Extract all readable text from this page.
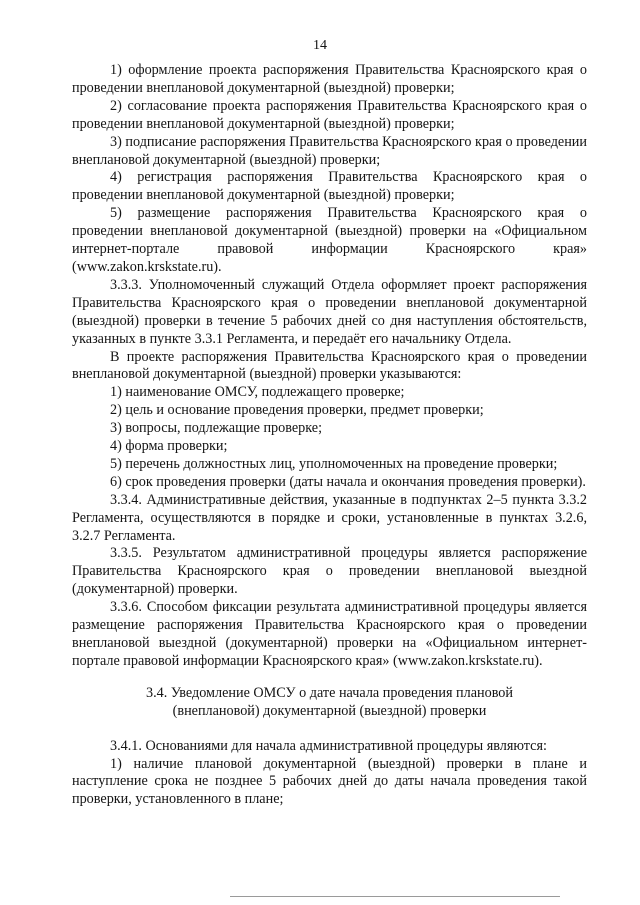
14

1) оформление проекта распоряжения Правительства Красноярского края о проведении внеплановой документарной (выездной) проверки;

2) согласование проекта распоряжения Правительства Красноярского края о проведении внеплановой документарной (выездной) проверки;

3) подписание распоряжения Правительства Красноярского края о проведении внеплановой документарной (выездной) проверки;

4) регистрация распоряжения Правительства Красноярского края о проведении внеплановой документарной (выездной) проверки;

5) размещение распоряжения Правительства Красноярского края о проведении внеплановой документарной (выездной) проверки на «Официальном интернет-портале правовой информации Красноярского края» (www.zakon.krskstate.ru).

3.3.3. Уполномоченный служащий Отдела оформляет проект распоряжения Правительства Красноярского края о проведении внеплановой документарной (выездной) проверки в течение 5 рабочих дней со дня наступления обстоятельств, указанных в пункте 3.3.1 Регламента, и передаёт его начальнику Отдела.

В проекте распоряжения Правительства Красноярского края о проведении внеплановой документарной (выездной) проверки указываются:

1) наименование ОМСУ, подлежащего проверке;

2) цель и основание проведения проверки, предмет проверки;

3) вопросы, подлежащие проверке;

4) форма проверки;

5) перечень должностных лиц, уполномоченных на проведение проверки;

6) срок проведения проверки (даты начала и окончания проведения проверки).

3.3.4. Административные действия, указанные в подпунктах 2–5 пункта 3.3.2 Регламента, осуществляются в порядке и сроки, установленные в пунктах 3.2.6, 3.2.7 Регламента.

3.3.5. Результатом административной процедуры является распоряжение Правительства Красноярского края о проведении внеплановой выездной (документарной) проверки.

3.3.6. Способом фиксации результата административной процедуры является размещение распоряжения Правительства Красноярского края о проведении внеплановой выездной (документарной) проверки на «Официальном интернет-портале правовой информации Красноярского края» (www.zakon.krskstate.ru).

3.4. Уведомление ОМСУ о дате начала проведения плановой
(внеплановой) документарной (выездной) проверки

3.4.1. Основаниями для начала административной процедуры являются:

1) наличие плановой документарной (выездной) проверки в плане и наступление срока не позднее 5 рабочих дней до даты начала проведения такой проверки, установленного в плане;
